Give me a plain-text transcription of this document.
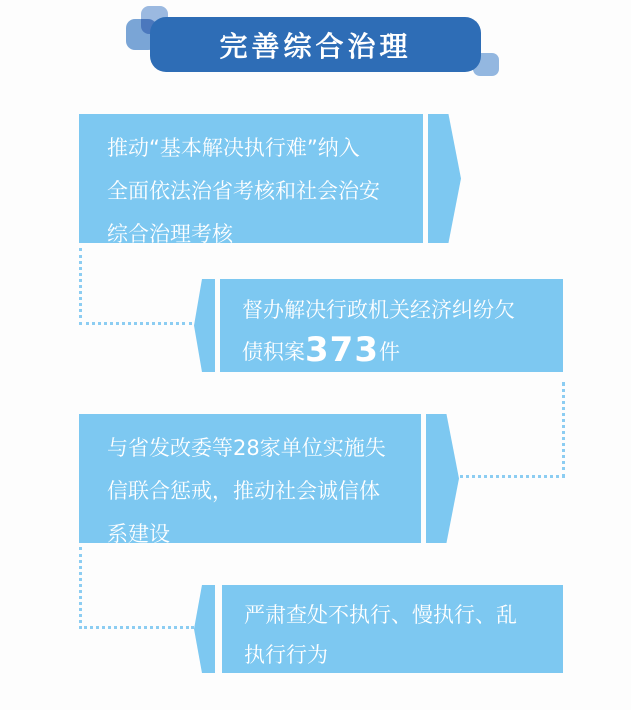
完善综合治理
推动“基本解决执行难”纳入
全面依法治省考核和社会治安
综合治理考核
督办解决行政机关经济纠纷欠
债积案373件
与省发改委等28家单位实施失
信联合惩戒，推动社会诚信体
系建设
严肃查处不执行、慢执行、乱
执行行为
